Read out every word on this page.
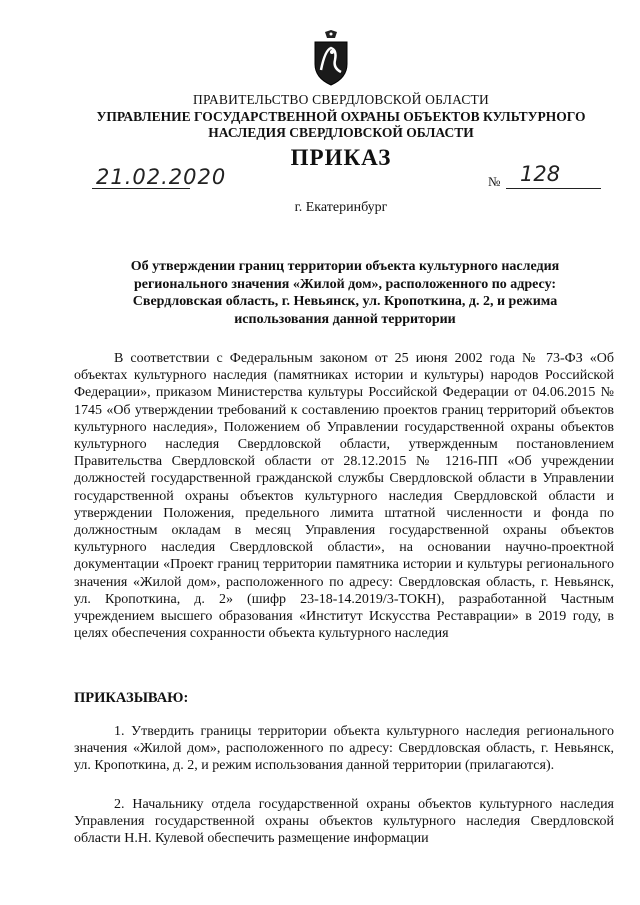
ПРАВИТЕЛЬСТВО СВЕРДЛОВСКОЙ ОБЛАСТИ
УПРАВЛЕНИЕ ГОСУДАРСТВЕННОЙ ОХРАНЫ ОБЪЕКТОВ КУЛЬТУРНОГО НАСЛЕДИЯ СВЕРДЛОВСКОЙ ОБЛАСТИ
ПРИКАЗ
21.02.2020	№ 128
г. Екатеринбург
Об утверждении границ территории объекта культурного наследия регионального значения «Жилой дом», расположенного по адресу: Свердловская область, г. Невьянск, ул. Кропоткина, д. 2, и режима использования данной территории
В соответствии с Федеральным законом от 25 июня 2002 года № 73-ФЗ «Об объектах культурного наследия (памятниках истории и культуры) народов Российской Федерации», приказом Министерства культуры Российской Федерации от 04.06.2015 № 1745 «Об утверждении требований к составлению проектов границ территорий объектов культурного наследия», Положением об Управлении государственной охраны объектов культурного наследия Свердловской области, утвержденным постановлением Правительства Свердловской области от 28.12.2015 № 1216-ПП «Об учреждении должностей государственной гражданской службы Свердловской области в Управлении государственной охраны объектов культурного наследия Свердловской области и утверждении Положения, предельного лимита штатной численности и фонда по должностным окладам в месяц Управления государственной охраны объектов культурного наследия Свердловской области», на основании научно-проектной документации «Проект границ территории памятника истории и культуры регионального значения «Жилой дом», расположенного по адресу: Свердловская область, г. Невьянск, ул. Кропоткина, д. 2» (шифр 23-18-14.2019/3-ТОКН), разработанной Частным учреждением высшего образования «Институт Искусства Реставрации» в 2019 году, в целях обеспечения сохранности объекта культурного наследия
ПРИКАЗЫВАЮ:
1. Утвердить границы территории объекта культурного наследия регионального значения «Жилой дом», расположенного по адресу: Свердловская область, г. Невьянск, ул. Кропоткина, д. 2, и режим использования данной территории (прилагаются).
2. Начальнику отдела государственной охраны объектов культурного наследия Управления государственной охраны объектов культурного наследия Свердловской области Н.Н. Кулевой обеспечить размещение информации
